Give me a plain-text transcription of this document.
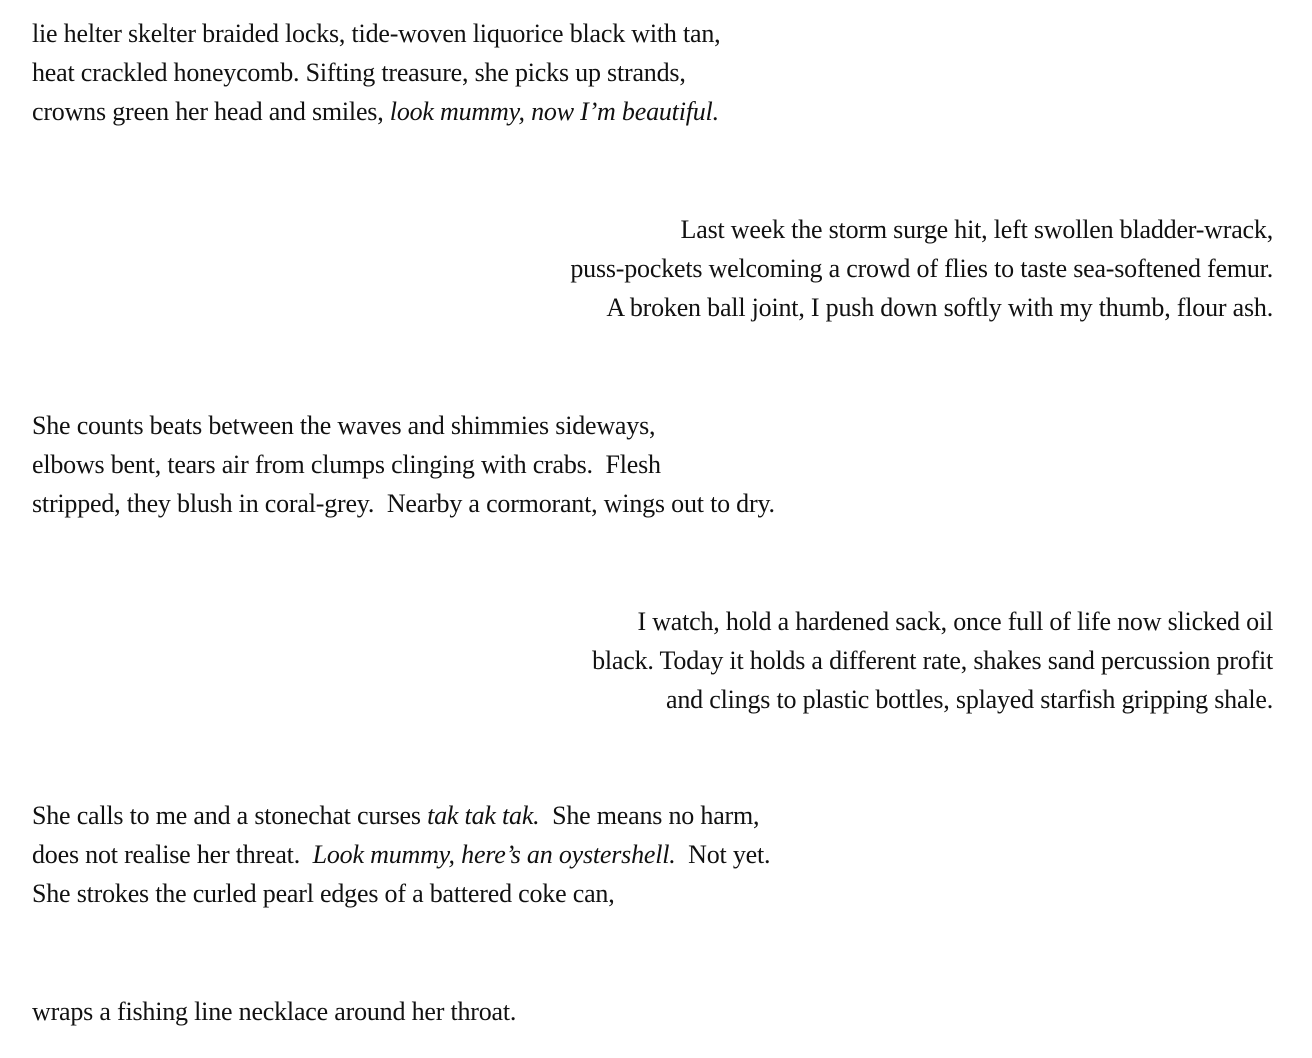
lie helter skelter braided locks, tide-woven liquorice black with tan,
heat crackled honeycomb. Sifting treasure, she picks up strands,
crowns green her head and smiles, look mummy, now I’m beautiful.
Last week the storm surge hit, left swollen bladder-wrack,
puss-pockets welcoming a crowd of flies to taste sea-softened femur.
A broken ball joint, I push down softly with my thumb, flour ash.
She counts beats between the waves and shimmies sideways,
elbows bent, tears air from clumps clinging with crabs.  Flesh
stripped, they blush in coral-grey.  Nearby a cormorant, wings out to dry.
I watch, hold a hardened sack, once full of life now slicked oil
black. Today it holds a different rate, shakes sand percussion profit
and clings to plastic bottles, splayed starfish gripping shale.
She calls to me and a stonechat curses tak tak tak.  She means no harm,
does not realise her threat.  Look mummy, here’s an oystershell.  Not yet.
She strokes the curled pearl edges of a battered coke can,
wraps a fishing line necklace around her throat.
